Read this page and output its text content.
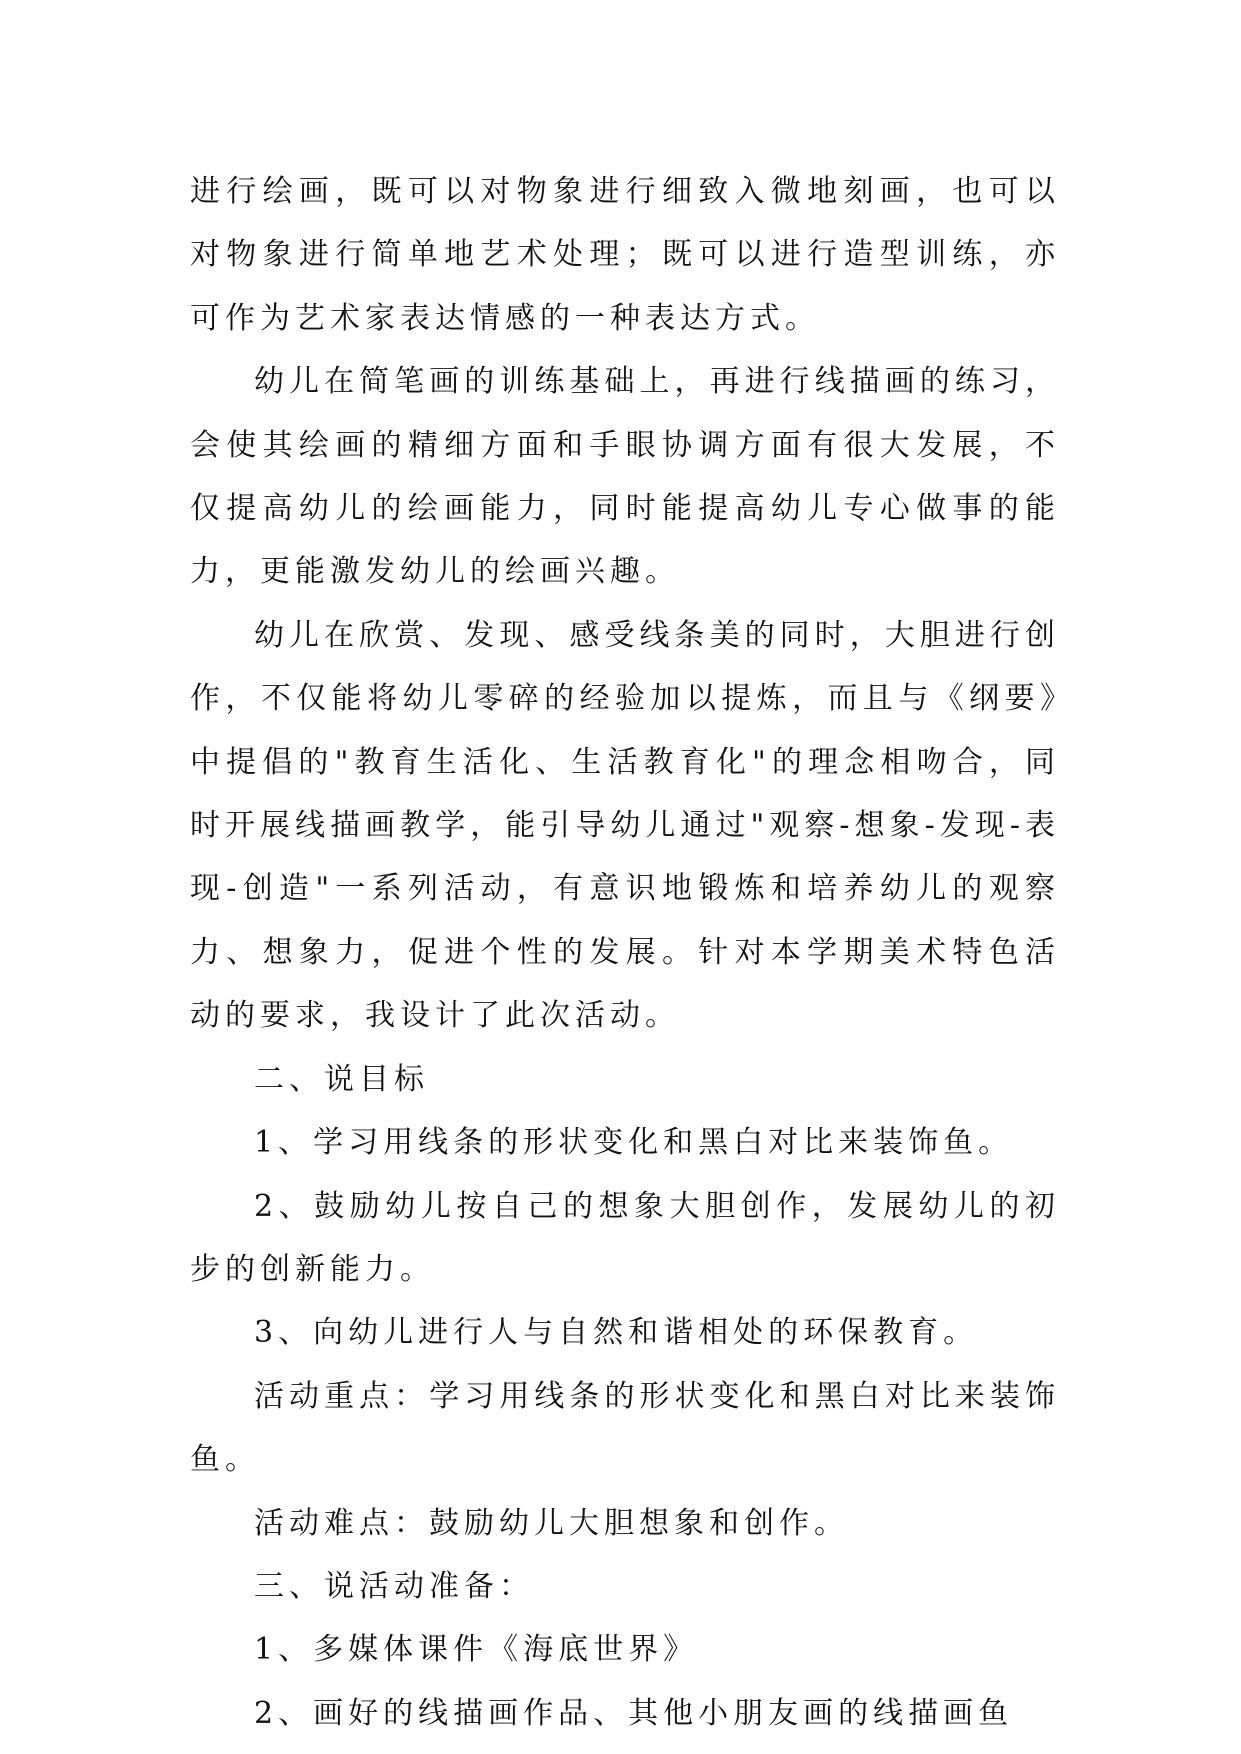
进行绘画，既可以对物象进行细致入微地刻画，也可以对物象进行简单地艺术处理；既可以进行造型训练，亦可作为艺术家表达情感的一种表达方式。

幼儿在简笔画的训练基础上，再进行线描画的练习，会使其绘画的精细方面和手眼协调方面有很大发展，不仅提高幼儿的绘画能力，同时能提高幼儿专心做事的能力，更能激发幼儿的绘画兴趣。

幼儿在欣赏、发现、感受线条美的同时，大胆进行创作，不仅能将幼儿零碎的经验加以提炼，而且与《纲要》中提倡的"教育生活化、生活教育化"的理念相吻合，同时开展线描画教学，能引导幼儿通过"观察-想象-发现-表现-创造"一系列活动，有意识地锻炼和培养幼儿的观察力、想象力，促进个性的发展。针对本学期美术特色活动的要求，我设计了此次活动。

二、说目标

1、学习用线条的形状变化和黑白对比来装饰鱼。

2、鼓励幼儿按自己的想象大胆创作，发展幼儿的初步的创新能力。

3、向幼儿进行人与自然和谐相处的环保教育。

活动重点：学习用线条的形状变化和黑白对比来装饰鱼。

活动难点：鼓励幼儿大胆想象和创作。

三、说活动准备：

1、多媒体课件《海底世界》

2、画好的线描画作品、其他小朋友画的线描画鱼
